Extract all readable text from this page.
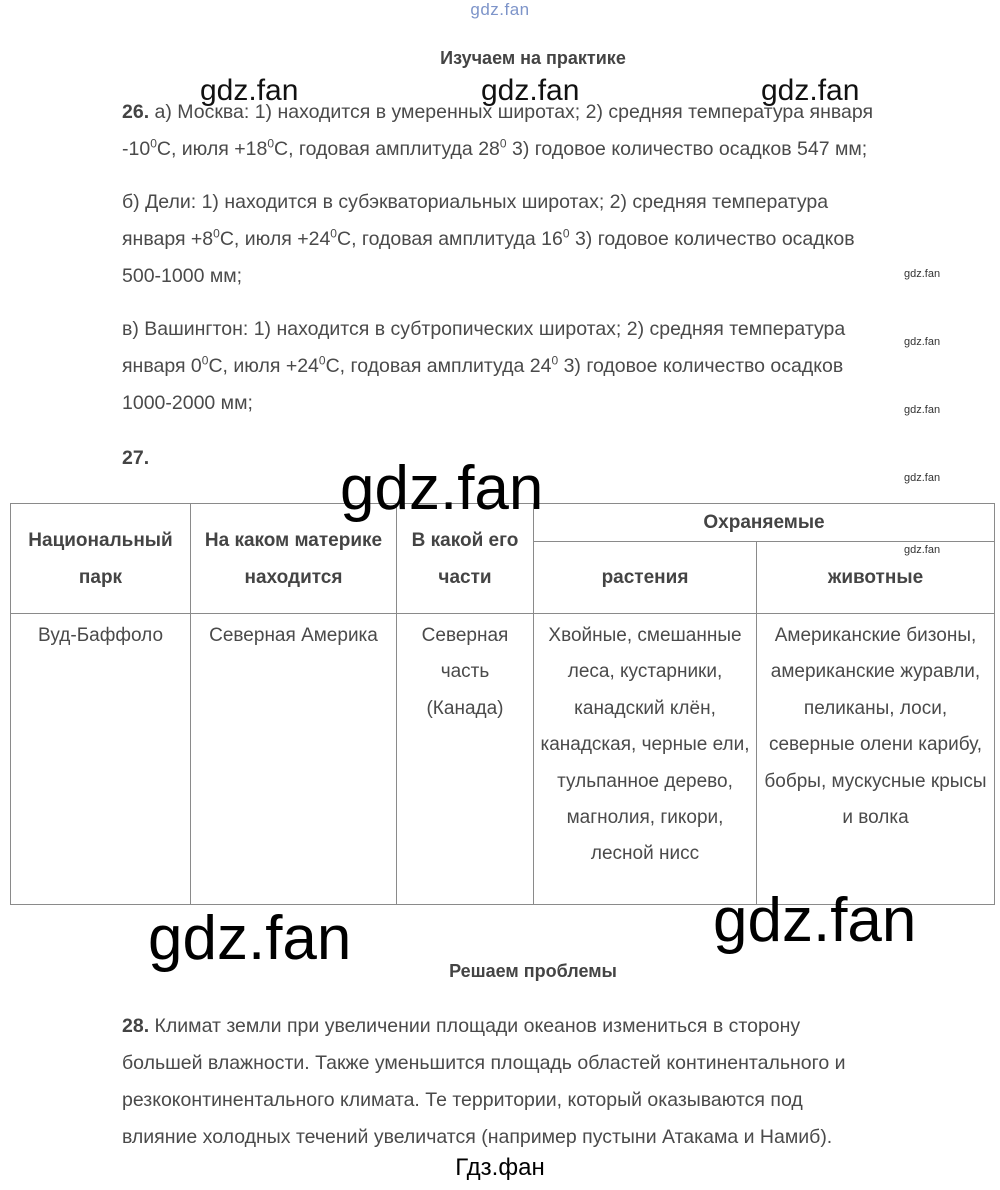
gdz.fan
Изучаем на практике
gdz.fan	gdz.fan	gdz.fan
26. а) Москва: 1) находится в умеренных широтах; 2) средняя температура января
$-10^0С$, июля $+18^0С$, годовая амплитуда $28^0$ 3) годовое количество осадков 547 мм;
б) Дели: 1) находится в субэкваториальных широтах; 2) средняя температура
января $+8^0С$, июля $+24^0С$, годовая амплитуда $16^0$ 3) годовое количество осадков
500-1000 мм;
в) Вашингтон: 1) находится в субтропических широтах; 2) средняя температура
января $0^0С$, июля $+24^0С$, годовая амплитуда $24^0$ 3) годовое количество осадков
1000-2000 мм;
gdz.fan
gdz.fan
gdz.fan
gdz.fan
27.
Национальный парк	На каком материке находится	В какой его части	Охраняемые	
			растения	животные
Вуд-Баффоло	Северная Америка	Северная часть (Канада)	Хвойные, смешанные леса, кустарники, канадский клён, канадская, черные ели, тульпанное дерево, магнолия, гикори, лесной нисс	Американские бизоны, американские журавли, пеликаны, лоси, северные олени карибу, бобры, мускусные крысы и волка
gdz.fan
gdz.fan
gdz.fan	gdz.fan
Решаем проблемы
28. Климат земли при увеличении площади океанов измениться в сторону
большей влажности. Также уменьшится площадь областей континентального и
резкоконтинентального климата. Те территории, который оказываются под
влияние холодных течений увеличатся (например пустыни Атакама и Намиб).
Гдз.фан
